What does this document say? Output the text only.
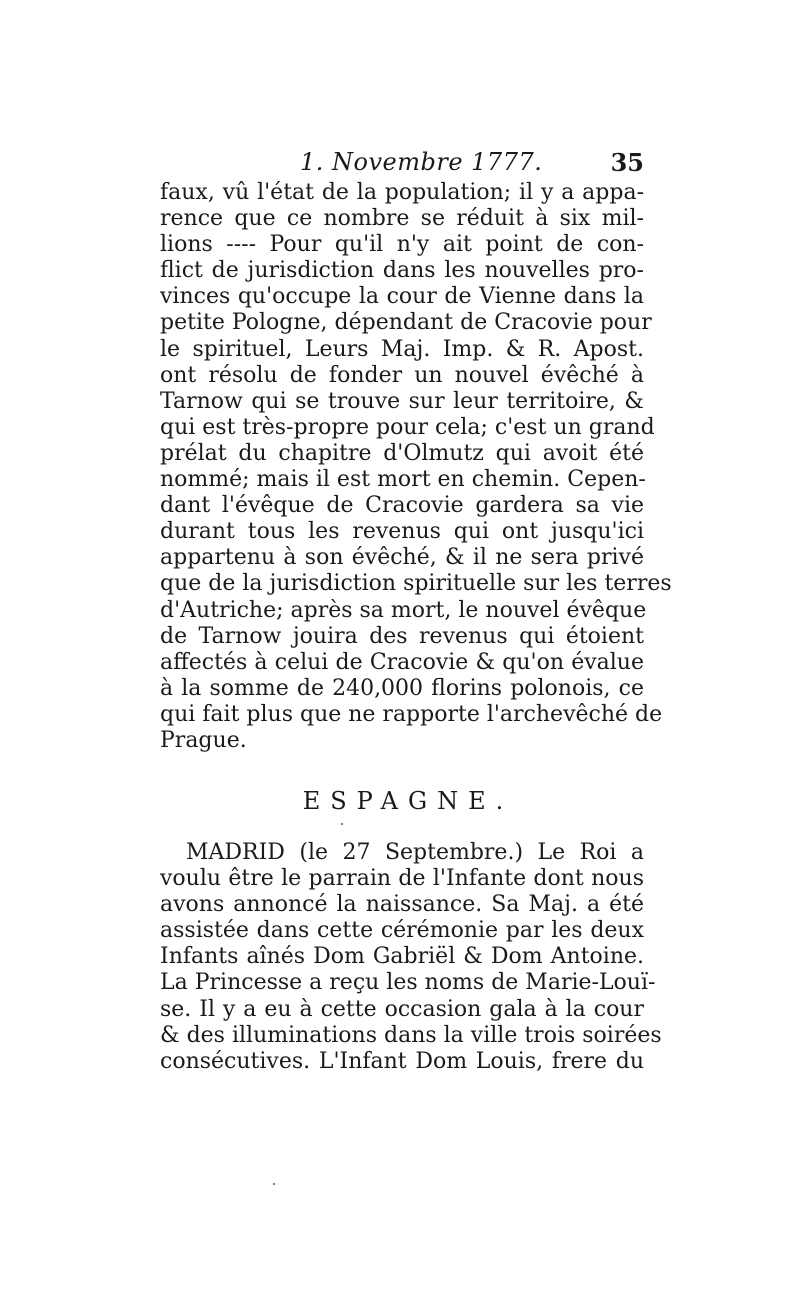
1. Novembre 1777.	35
faux, vû l'état de la population; il y a appa-
rence que ce nombre se réduit à six mil-
lions ---- Pour qu'il n'y ait point de con-
flict de jurisdiction dans les nouvelles pro-
vinces qu'occupe la cour de Vienne dans la
petite Pologne, dépendant de Cracovie pour
le spirituel, Leurs Maj. Imp. & R. Apost.
ont résolu de fonder un nouvel évêché à
Tarnow qui se trouve sur leur territoire, &
qui est très-propre pour cela; c'est un grand
prélat du chapitre d'Olmutz qui avoit été
nommé; mais il est mort en chemin. Cepen-
dant l'évêque de Cracovie gardera sa vie
durant tous les revenus qui ont jusqu'ici
appartenu à son évêché, & il ne sera privé
que de la jurisdiction spirituelle sur les terres
d'Autriche; après sa mort, le nouvel évêque
de Tarnow jouira des revenus qui étoient
affectés à celui de Cracovie & qu'on évalue
à la somme de 240,000 florins polonois, ce
qui fait plus que ne rapporte l'archevêché de
Prague.
ESPAGNE.
MADRID (le 27 Septembre.) Le Roi a
voulu être le parrain de l'Infante dont nous
avons annoncé la naissance. Sa Maj. a été
assistée dans cette cérémonie par les deux
Infants aînés Dom Gabriël & Dom Antoine.
La Princesse a reçu les noms de Marie-Louï-
se. Il y a eu à cette occasion gala à la cour
& des illuminations dans la ville trois soirées
consécutives. L'Infant Dom Louis, frere du
